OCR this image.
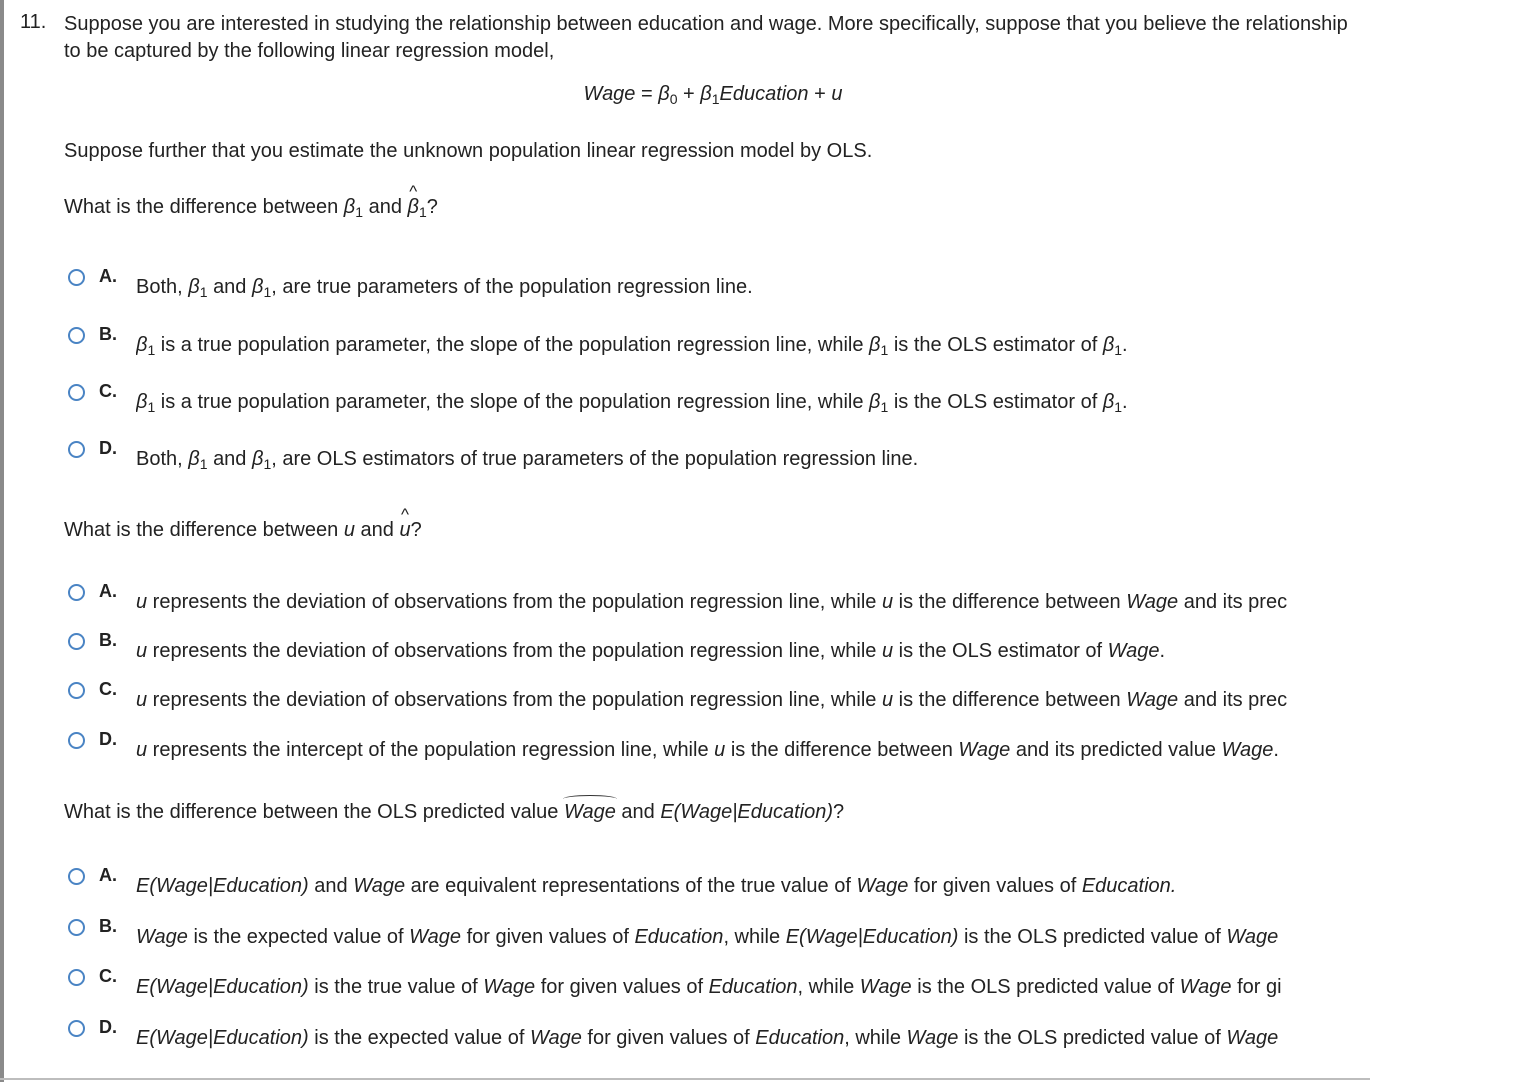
11. Suppose you are interested in studying the relationship between education and wage. More specifically, suppose that you believe the relationship to be captured by the following linear regression model,
Wage = $\beta_0$ + $\beta_1Education + u$
Suppose further that you estimate the unknown population linear regression model by OLS.
What is the difference between $\beta_1$ and ^ $\beta_1$?
A. Both, $\beta_1$ and ^ $\beta_1$, are true parameters of the population regression line.
B. $\beta_1$ is a true population parameter, the slope of the population regression line, while ^ $\beta_1$ is the OLS estimator of $\beta_1$.
C. ^ $\beta_1$ is a true population parameter, the slope of the population regression line, while $\beta_1$ is the OLS estimator of ^ $\beta_1$.
D. Both, $\beta_1$ and ^ $\beta_1$, are OLS estimators of true parameters of the population regression line.
What is the difference between u and ^ u?
A. ^ u represents the deviation of observations from the population regression line, while u is the difference between Wage and its prec
B. u represents the deviation of observations from the population regression line, while ^ u is the OLS estimator of Wage.
C. u represents the deviation of observations from the population regression line, while ^ u is the difference between Wage and its prec
D. u represents the intercept of the population regression line, while ^ u is the difference between Wage and its predicted value Wage.
What is the difference between the OLS predicted value Wage and E(Wage|Education)?
A. E(Wage|Education) and Wage are equivalent representations of the true value of Wage for given values of Education.
B. Wage is the expected value of Wage for given values of Education, while E(Wage|Education) is the OLS predicted value of Wage
C. E(Wage|Education) is the true value of Wage for given values of Education, while Wage is the OLS predicted value of Wage for gi
D. E(Wage|Education) is the expected value of Wage for given values of Education, while Wage is the OLS predicted value of Wage
